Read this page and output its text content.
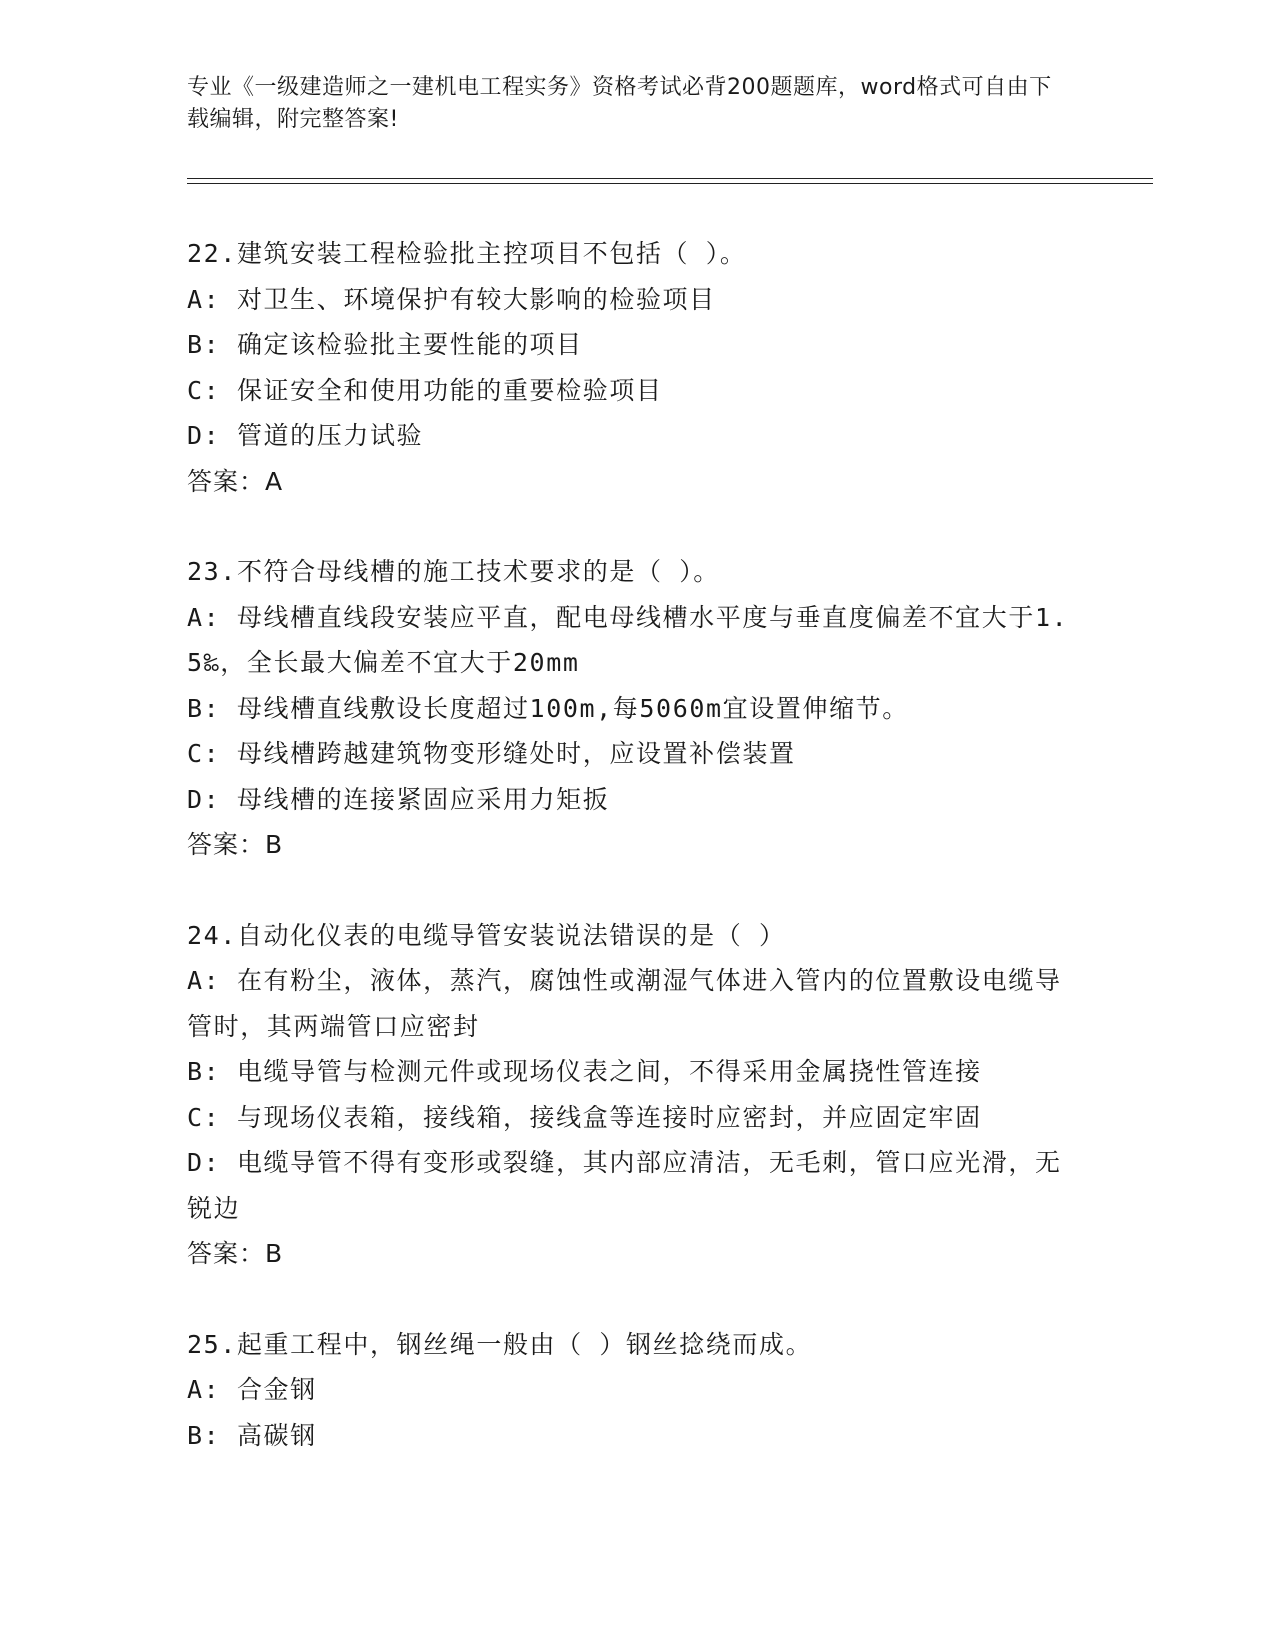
专业《一级建造师之一建机电工程实务》资格考试必背200题题库，word格式可自由下载编辑，附完整答案!
22.建筑安装工程检验批主控项目不包括（ ）。
A: 对卫生、环境保护有较大影响的检验项目
B: 确定该检验批主要性能的项目
C: 保证安全和使用功能的重要检验项目
D: 管道的压力试验
答案：A
23.不符合母线槽的施工技术要求的是（ ）。
A: 母线槽直线段安装应平直，配电母线槽水平度与垂直度偏差不宜大于1.5‰，全长最大偏差不宜大于20mm
B: 母线槽直线敷设长度超过100m,每5060m宜设置伸缩节。
C: 母线槽跨越建筑物变形缝处时，应设置补偿装置
D: 母线槽的连接紧固应采用力矩扳
答案：B
24.自动化仪表的电缆导管安装说法错误的是（ ）
A: 在有粉尘，液体，蒸汽，腐蚀性或潮湿气体进入管内的位置敷设电缆导管时，其两端管口应密封
B: 电缆导管与检测元件或现场仪表之间，不得采用金属挠性管连接
C: 与现场仪表箱，接线箱，接线盒等连接时应密封，并应固定牢固
D: 电缆导管不得有变形或裂缝，其内部应清洁，无毛刺，管口应光滑，无锐边
答案：B
25.起重工程中，钢丝绳一般由（ ）钢丝捻绕而成。
A: 合金钢
B: 高碳钢
